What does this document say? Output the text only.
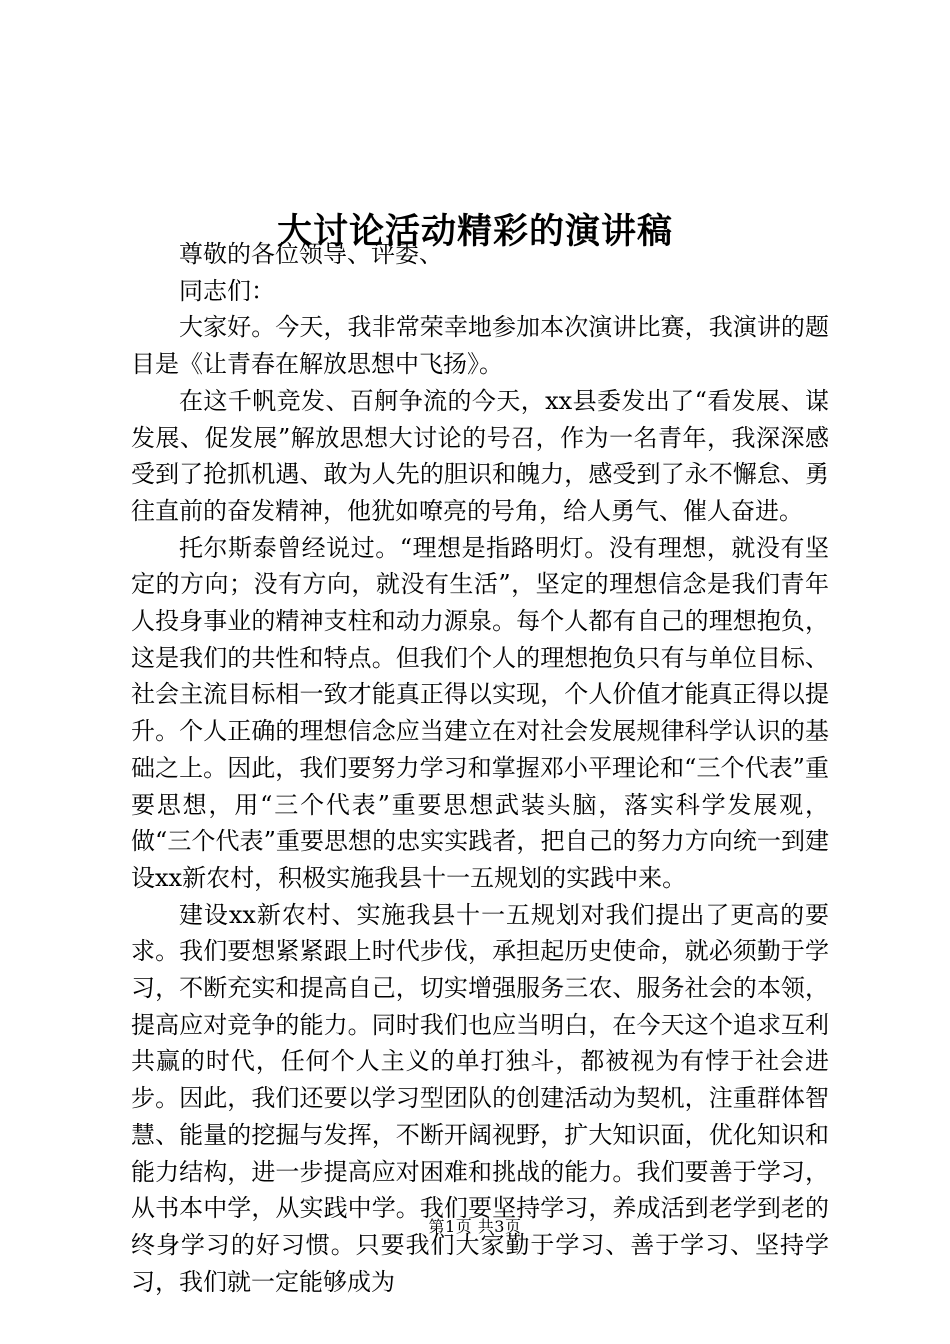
大讨论活动精彩的演讲稿

尊敬的各位领导、评委、

同志们：

大家好。今天，我非常荣幸地参加本次演讲比赛，我演讲的题目是《让青春在解放思想中飞扬》。

在这千帆竞发、百舸争流的今天，xx县委发出了“看发展、谋发展、促发展”解放思想大讨论的号召，作为一名青年，我深深感受到了抢抓机遇、敢为人先的胆识和魄力，感受到了永不懈怠、勇往直前的奋发精神，他犹如嘹亮的号角，给人勇气、催人奋进。

托尔斯泰曾经说过。“理想是指路明灯。没有理想，就没有坚定的方向；没有方向，就没有生活”，坚定的理想信念是我们青年人投身事业的精神支柱和动力源泉。每个人都有自己的理想抱负，这是我们的共性和特点。但我们个人的理想抱负只有与单位目标、社会主流目标相一致才能真正得以实现，个人价值才能真正得以提升。个人正确的理想信念应当建立在对社会发展规律科学认识的基础之上。因此，我们要努力学习和掌握邓小平理论和“三个代表”重要思想，用“三个代表”重要思想武装头脑，落实科学发展观，做“三个代表”重要思想的忠实实践者，把自己的努力方向统一到建设xx新农村，积极实施我县十一五规划的实践中来。

建设xx新农村、实施我县十一五规划对我们提出了更高的要求。我们要想紧紧跟上时代步伐，承担起历史使命，就必须勤于学习，不断充实和提高自己，切实增强服务三农、服务社会的本领，提高应对竞争的能力。同时我们也应当明白，在今天这个追求互利共赢的时代，任何个人主义的单打独斗，都被视为有悖于社会进步。因此，我们还要以学习型团队的创建活动为契机，注重群体智慧、能量的挖掘与发挥，不断开阔视野，扩大知识面，优化知识和能力结构，进一步提高应对困难和挑战的能力。我们要善于学习，从书本中学，从实践中学。我们要坚持学习，养成活到老学到老的终身学习的好习惯。只要我们大家勤于学习、善于学习、坚持学习，我们就一定能够成为

第1页 共3页
